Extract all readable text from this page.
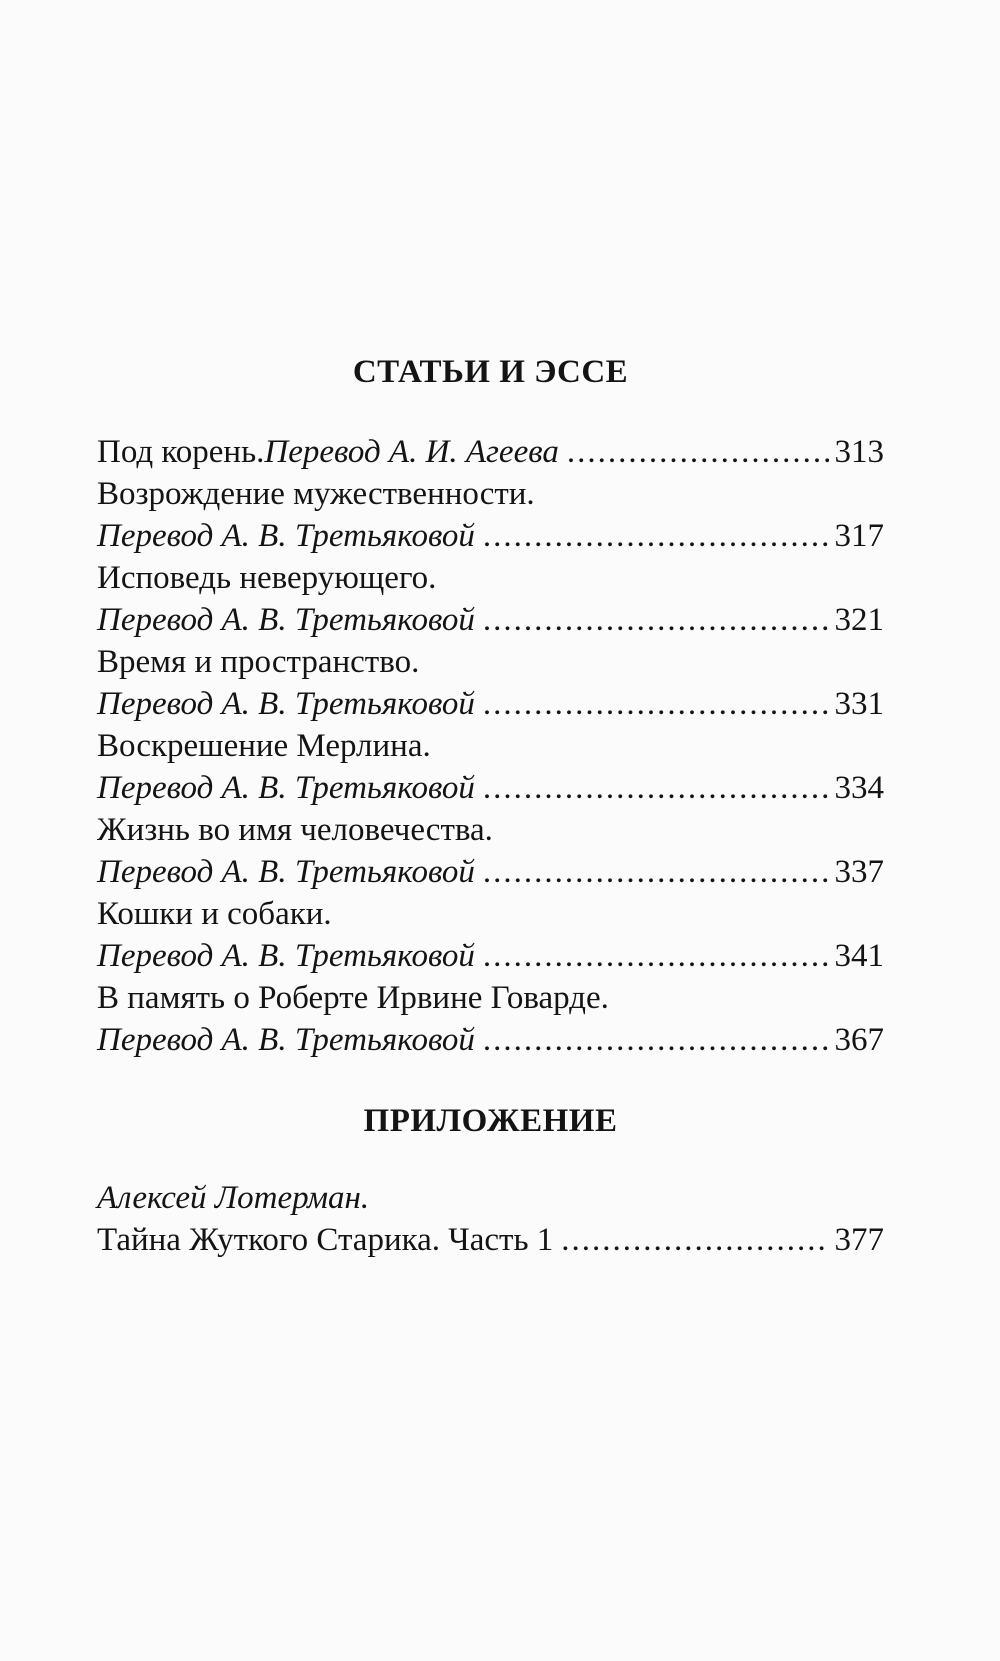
СТАТЬИ И ЭССЕ
Под корень. Перевод А. И. Агеева .....	313
Возрождение мужественности.
Перевод А. В. Третьяковой .....	317
Исповедь неверующего.
Перевод А. В. Третьяковой .....	321
Время и пространство.
Перевод А. В. Третьяковой .....	331
Воскрешение Мерлина.
Перевод А. В. Третьяковой .....	334
Жизнь во имя человечества.
Перевод А. В. Третьяковой .....	337
Кошки и собаки.
Перевод А. В. Третьяковой .....	341
В память о Роберте Ирвине Говарде.
Перевод А. В. Третьяковой .....	367
ПРИЛОЖЕНИЕ
Алексей Лотерман.
Тайна Жуткого Старика. Часть 1 .....	377
